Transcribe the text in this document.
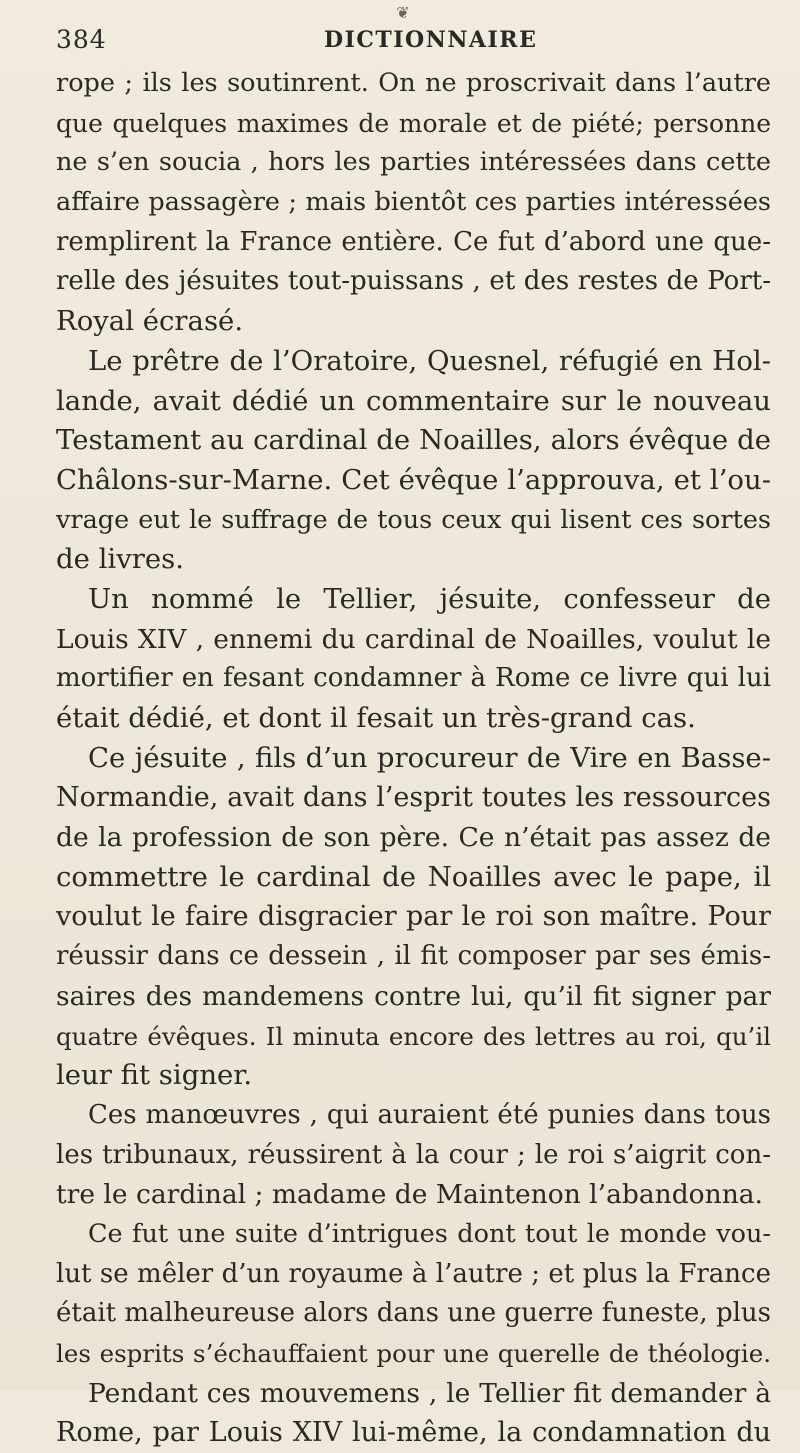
❦
384	DICTIONNAIRE
rope ; ils les soutinrent. On ne proscrivait dans l’autre
que quelques maximes de morale et de piété; personne
ne s’en soucia , hors les parties intéressées dans cette
affaire passagère ; mais bientôt ces parties intéressées
remplirent la France entière. Ce fut d’abord une que-
relle des jésuites tout-puissans , et des restes de Port-
Royal écrasé.
Le prêtre de l’Oratoire, Quesnel, réfugié en Hol-
lande, avait dédié un commentaire sur le nouveau
Testament au cardinal de Noailles, alors évêque de
Châlons-sur-Marne. Cet évêque l’approuva, et l’ou-
vrage eut le suffrage de tous ceux qui lisent ces sortes
de livres.
Un nommé le Tellier, jésuite, confesseur de
Louis XIV , ennemi du cardinal de Noailles, voulut le
mortifier en fesant condamner à Rome ce livre qui lui
était dédié, et dont il fesait un très-grand cas.
Ce jésuite , fils d’un procureur de Vire en Basse-
Normandie, avait dans l’esprit toutes les ressources
de la profession de son père. Ce n’était pas assez de
commettre le cardinal de Noailles avec le pape, il
voulut le faire disgracier par le roi son maître. Pour
réussir dans ce dessein , il fit composer par ses émis-
saires des mandemens contre lui, qu’il fit signer par
quatre évêques. Il minuta encore des lettres au roi, qu’il
leur fit signer.
Ces manœuvres , qui auraient été punies dans tous
les tribunaux, réussirent à la cour ; le roi s’aigrit con-
tre le cardinal ; madame de Maintenon l’abandonna.
Ce fut une suite d’intrigues dont tout le monde vou-
lut se mêler d’un royaume à l’autre ; et plus la France
était malheureuse alors dans une guerre funeste, plus
les esprits s’échauffaient pour une querelle de théologie.
Pendant ces mouvemens , le Tellier fit demander à
Rome, par Louis XIV lui-même, la condamnation du
